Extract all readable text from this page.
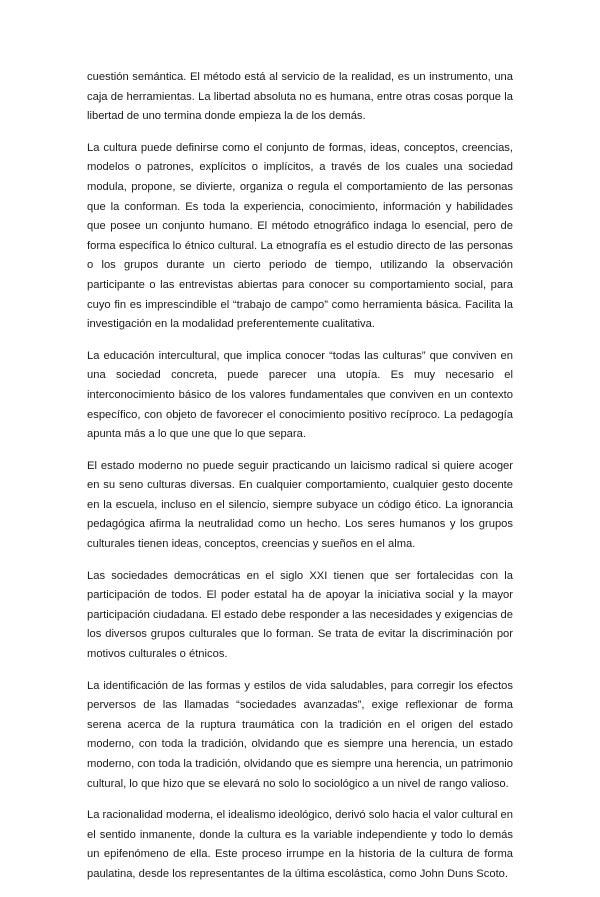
cuestión semántica. El método está al servicio de la realidad, es un instrumento, una caja de herramientas. La libertad absoluta no es humana, entre otras cosas porque la libertad de uno termina donde empieza la de los demás.

La cultura puede definirse como el conjunto de formas, ideas, conceptos, creencias, modelos o patrones, explícitos o implícitos, a través de los cuales una sociedad modula, propone, se divierte, organiza o regula el comportamiento de las personas que la conforman. Es toda la experiencia, conocimiento, información y habilidades que posee un conjunto humano. El método etnográfico indaga lo esencial, pero de forma específica lo étnico cultural. La etnografía es el estudio directo de las personas o los grupos durante un cierto periodo de tiempo, utilizando la observación participante o las entrevistas abiertas para conocer su comportamiento social, para cuyo fin es imprescindible el “trabajo de campo” como herramienta básica. Facilita la investigación en la modalidad preferentemente cualitativa.

La educación intercultural, que implica conocer “todas las culturas” que conviven en una sociedad concreta, puede parecer una utopía. Es muy necesario el interconocimiento básico de los valores fundamentales que conviven en un contexto específico, con objeto de favorecer el conocimiento positivo recíproco. La pedagogía apunta más a lo que une que lo que separa.

El estado moderno no puede seguir practicando un laicismo radical si quiere acoger en su seno culturas diversas. En cualquier comportamiento, cualquier gesto docente en la escuela, incluso en el silencio, siempre subyace un código ético. La ignorancia pedagógica afirma la neutralidad como un hecho. Los seres humanos y los grupos culturales tienen ideas, conceptos, creencias y sueños en el alma.

Las sociedades democráticas en el siglo XXI tienen que ser fortalecidas con la participación de todos. El poder estatal ha de apoyar la iniciativa social y la mayor participación ciudadana. El estado debe responder a las necesidades y exigencias de los diversos grupos culturales que lo forman. Se trata de evitar la discriminación por motivos culturales o étnicos.

La identificación de las formas y estilos de vida saludables, para corregir los efectos perversos de las llamadas “sociedades avanzadas”, exige reflexionar de forma serena acerca de la ruptura traumática con la tradición en el origen del estado moderno, con toda la tradición, olvidando que es siempre una herencia, un estado moderno, con toda la tradición, olvidando que es siempre una herencia, un patrimonio cultural, lo que hizo que se elevará no solo lo sociológico a un nivel de rango valioso.

La racionalidad moderna, el idealismo ideológico, derivó solo hacia el valor cultural en el sentido inmanente, donde la cultura es la variable independiente y todo lo demás un epifenómeno de ella. Este proceso irrumpe en la historia de la cultura de forma paulatina, desde los representantes de la última escolástica, como John Duns Scoto.
